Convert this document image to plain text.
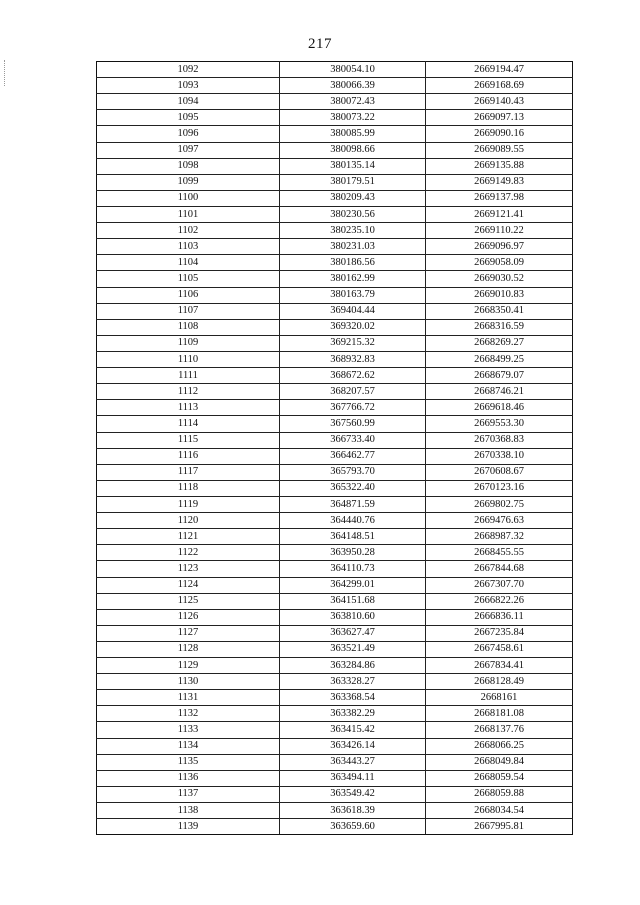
217
1092	380054.10	2669194.47
1093	380066.39	2669168.69
1094	380072.43	2669140.43
1095	380073.22	2669097.13
1096	380085.99	2669090.16
1097	380098.66	2669089.55
1098	380135.14	2669135.88
1099	380179.51	2669149.83
1100	380209.43	2669137.98
1101	380230.56	2669121.41
1102	380235.10	2669110.22
1103	380231.03	2669096.97
1104	380186.56	2669058.09
1105	380162.99	2669030.52
1106	380163.79	2669010.83
1107	369404.44	2668350.41
1108	369320.02	2668316.59
1109	369215.32	2668269.27
1110	368932.83	2668499.25
1111	368672.62	2668679.07
1112	368207.57	2668746.21
1113	367766.72	2669618.46
1114	367560.99	2669553.30
1115	366733.40	2670368.83
1116	366462.77	2670338.10
1117	365793.70	2670608.67
1118	365322.40	2670123.16
1119	364871.59	2669802.75
1120	364440.76	2669476.63
1121	364148.51	2668987.32
1122	363950.28	2668455.55
1123	364110.73	2667844.68
1124	364299.01	2667307.70
1125	364151.68	2666822.26
1126	363810.60	2666836.11
1127	363627.47	2667235.84
1128	363521.49	2667458.61
1129	363284.86	2667834.41
1130	363328.27	2668128.49
1131	363368.54	2668161
1132	363382.29	2668181.08
1133	363415.42	2668137.76
1134	363426.14	2668066.25
1135	363443.27	2668049.84
1136	363494.11	2668059.54
1137	363549.42	2668059.88
1138	363618.39	2668034.54
1139	363659.60	2667995.81
